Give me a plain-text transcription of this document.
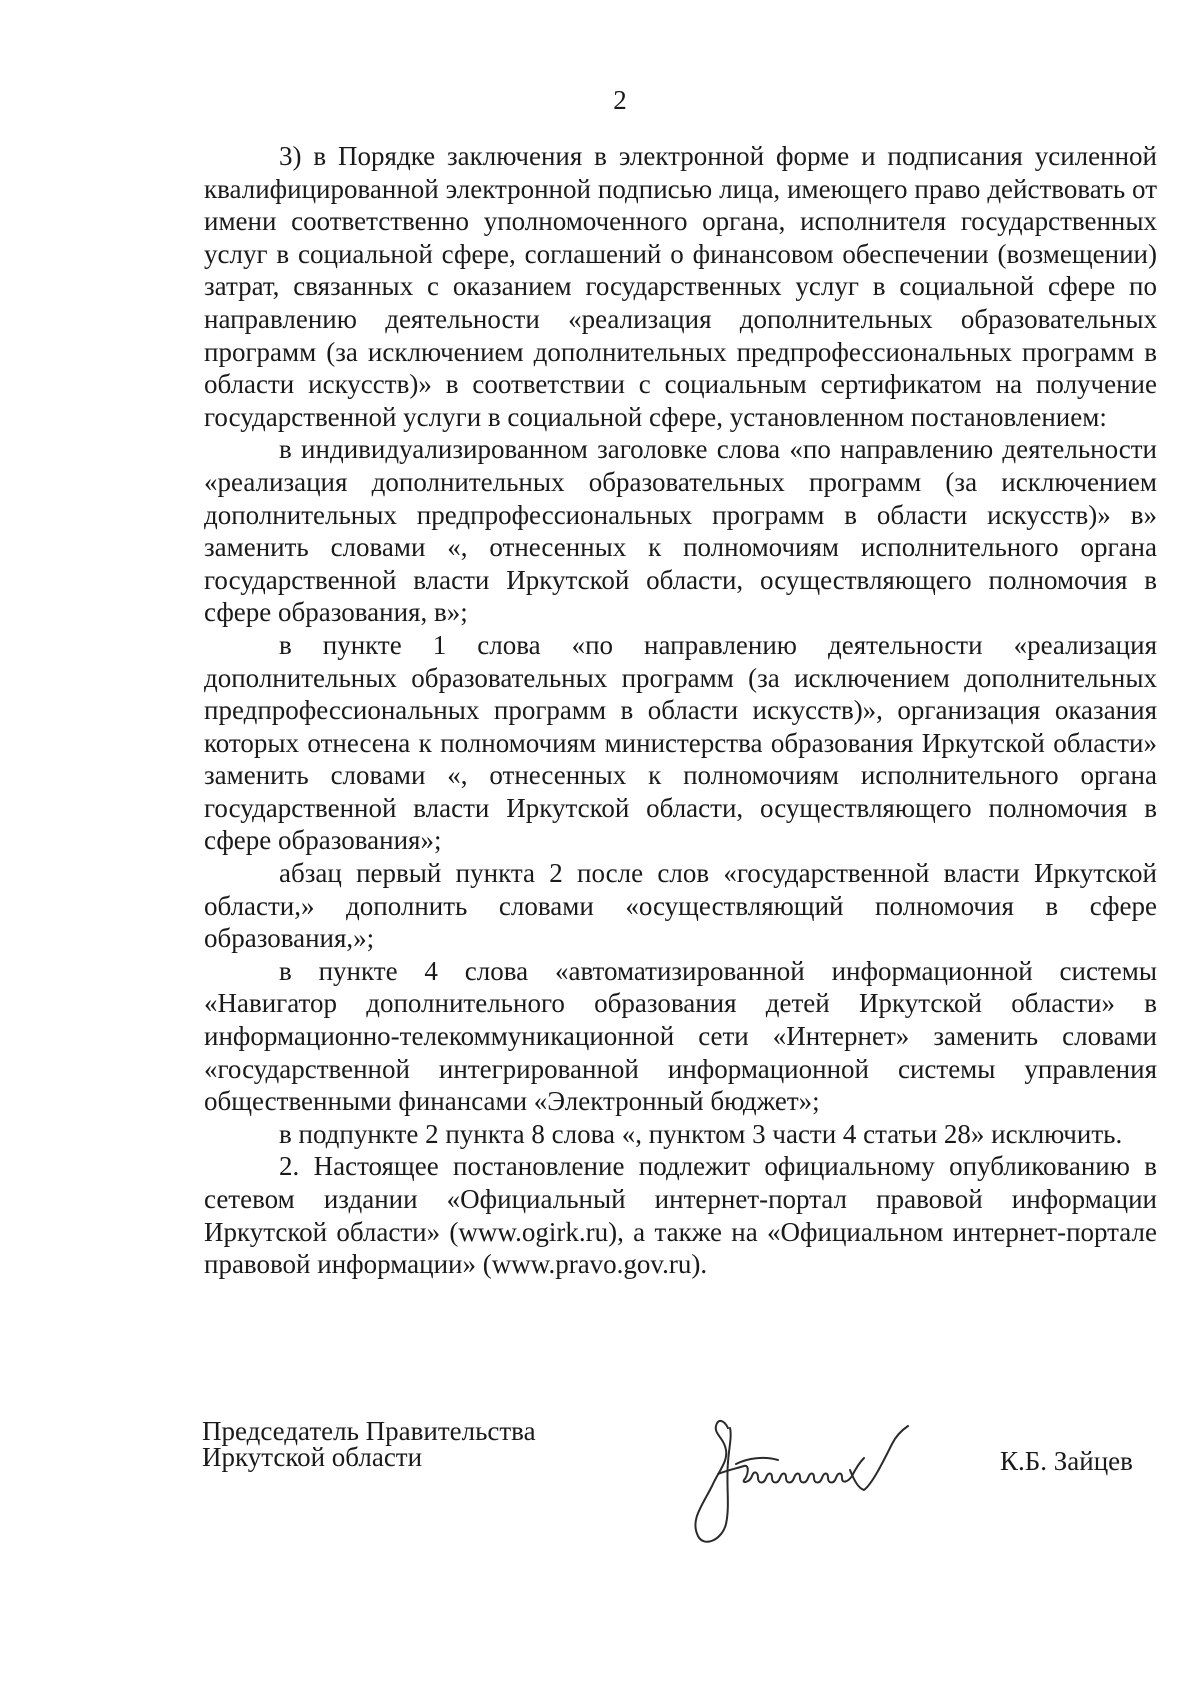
2

3) в Порядке заключения в электронной форме и подписания усиленной квалифицированной электронной подписью лица, имеющего право действовать от имени соответственно уполномоченного органа, исполнителя государственных услуг в социальной сфере, соглашений о финансовом обеспечении (возмещении) затрат, связанных с оказанием государственных услуг в социальной сфере по направлению деятельности «реализация дополнительных образовательных программ (за исключением дополнительных предпрофессиональных программ в области искусств)» в соответствии с социальным сертификатом на получение государственной услуги в социальной сфере, установленном постановлением:

в индивидуализированном заголовке слова «по направлению деятельности «реализация дополнительных образовательных программ (за исключением дополнительных предпрофессиональных программ в области искусств)» в» заменить словами «, отнесенных к полномочиям исполнительного органа государственной власти Иркутской области, осуществляющего полномочия в сфере образования, в»;

в пункте 1 слова «по направлению деятельности «реализация дополнительных образовательных программ (за исключением дополнительных предпрофессиональных программ в области искусств)», организация оказания которых отнесена к полномочиям министерства образования Иркутской области» заменить словами «, отнесенных к полномочиям исполнительного органа государственной власти Иркутской области, осуществляющего полномочия в сфере образования»;

абзац первый пункта 2 после слов «государственной власти Иркутской области,» дополнить словами «осуществляющий полномочия в сфере образования,»;

в пункте 4 слова «автоматизированной информационной системы «Навигатор дополнительного образования детей Иркутской области» в информационно-телекоммуникационной сети «Интернет» заменить словами «государственной интегрированной информационной системы управления общественными финансами «Электронный бюджет»;

в подпункте 2 пункта 8 слова «, пунктом 3 части 4 статьи 28» исключить.

2. Настоящее постановление подлежит официальному опубликованию в сетевом издании «Официальный интернет-портал правовой информации Иркутской области» (www.ogirk.ru), а также на «Официальном интернет-портале правовой информации» (www.pravo.gov.ru).

Председатель Правительства
Иркутской области	К.Б. Зайцев
